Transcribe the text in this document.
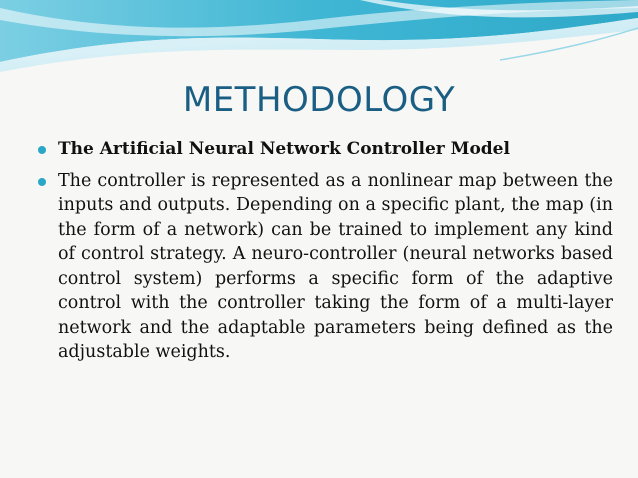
METHODOLOGY
The Artificial Neural Network Controller Model
The controller is represented as a nonlinear map between the inputs and outputs. Depending on a specific plant, the map (in the form of a network) can be trained to implement any kind of control strategy. A neuro-controller (neural networks based control system) performs a specific form of the adaptive control with the controller taking the form of a multi-layer network and the adaptable parameters being defined as the adjustable weights.
